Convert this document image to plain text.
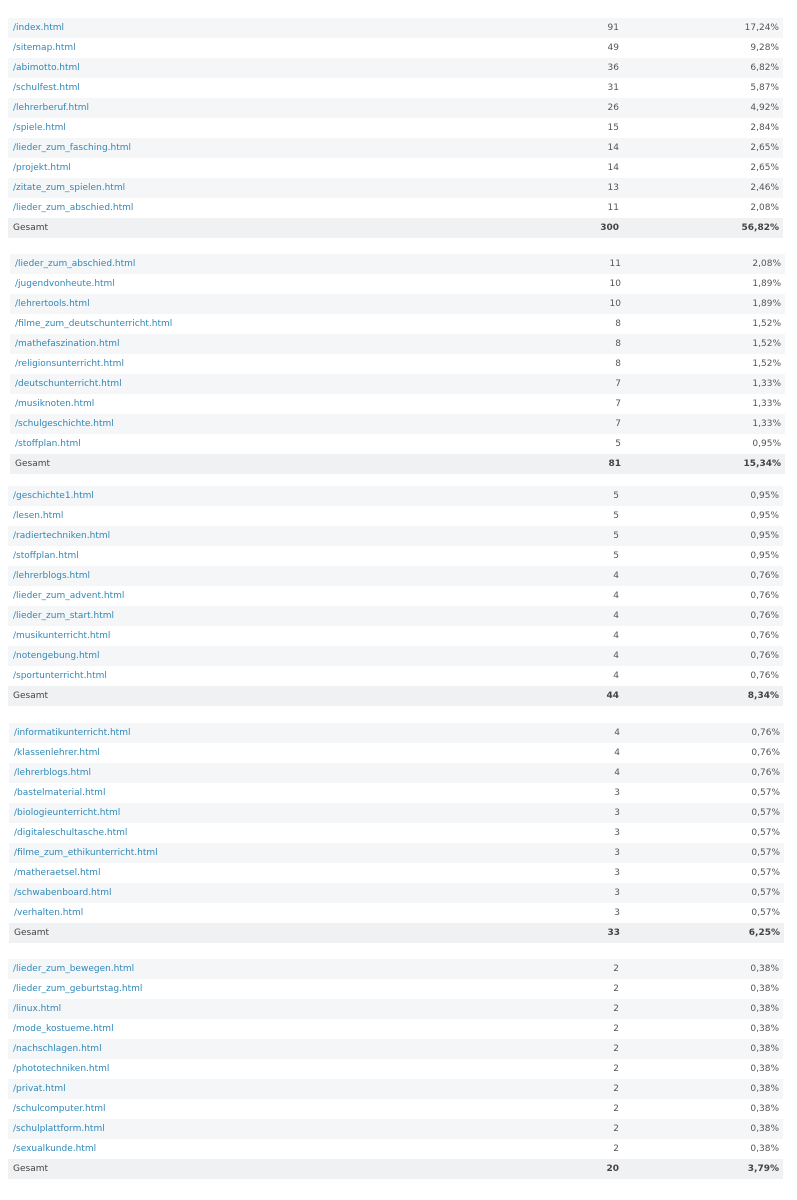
/index.html	91	17,24%
/sitemap.html	49	9,28%
/abimotto.html	36	6,82%
/schulfest.html	31	5,87%
/lehrerberuf.html	26	4,92%
/spiele.html	15	2,84%
/lieder_zum_fasching.html	14	2,65%
/projekt.html	14	2,65%
/zitate_zum_spielen.html	13	2,46%
/lieder_zum_abschied.html	11	2,08%
Gesamt	300	56,82%
/lieder_zum_abschied.html	11	2,08%
/jugendvonheute.html	10	1,89%
/lehrertools.html	10	1,89%
/filme_zum_deutschunterricht.html	8	1,52%
/mathefaszination.html	8	1,52%
/religionsunterricht.html	8	1,52%
/deutschunterricht.html	7	1,33%
/musiknoten.html	7	1,33%
/schulgeschichte.html	7	1,33%
/stoffplan.html	5	0,95%
Gesamt	81	15,34%
/geschichte1.html	5	0,95%
/lesen.html	5	0,95%
/radiertechniken.html	5	0,95%
/stoffplan.html	5	0,95%
/lehrerblogs.html	4	0,76%
/lieder_zum_advent.html	4	0,76%
/lieder_zum_start.html	4	0,76%
/musikunterricht.html	4	0,76%
/notengebung.html	4	0,76%
/sportunterricht.html	4	0,76%
Gesamt	44	8,34%
/informatikunterricht.html	4	0,76%
/klassenlehrer.html	4	0,76%
/lehrerblogs.html	4	0,76%
/bastelmaterial.html	3	0,57%
/biologieunterricht.html	3	0,57%
/digitaleschultasche.html	3	0,57%
/filme_zum_ethikunterricht.html	3	0,57%
/matheraetsel.html	3	0,57%
/schwabenboard.html	3	0,57%
/verhalten.html	3	0,57%
Gesamt	33	6,25%
/lieder_zum_bewegen.html	2	0,38%
/lieder_zum_geburtstag.html	2	0,38%
/linux.html	2	0,38%
/mode_kostueme.html	2	0,38%
/nachschlagen.html	2	0,38%
/phototechniken.html	2	0,38%
/privat.html	2	0,38%
/schulcomputer.html	2	0,38%
/schulplattform.html	2	0,38%
/sexualkunde.html	2	0,38%
Gesamt	20	3,79%
